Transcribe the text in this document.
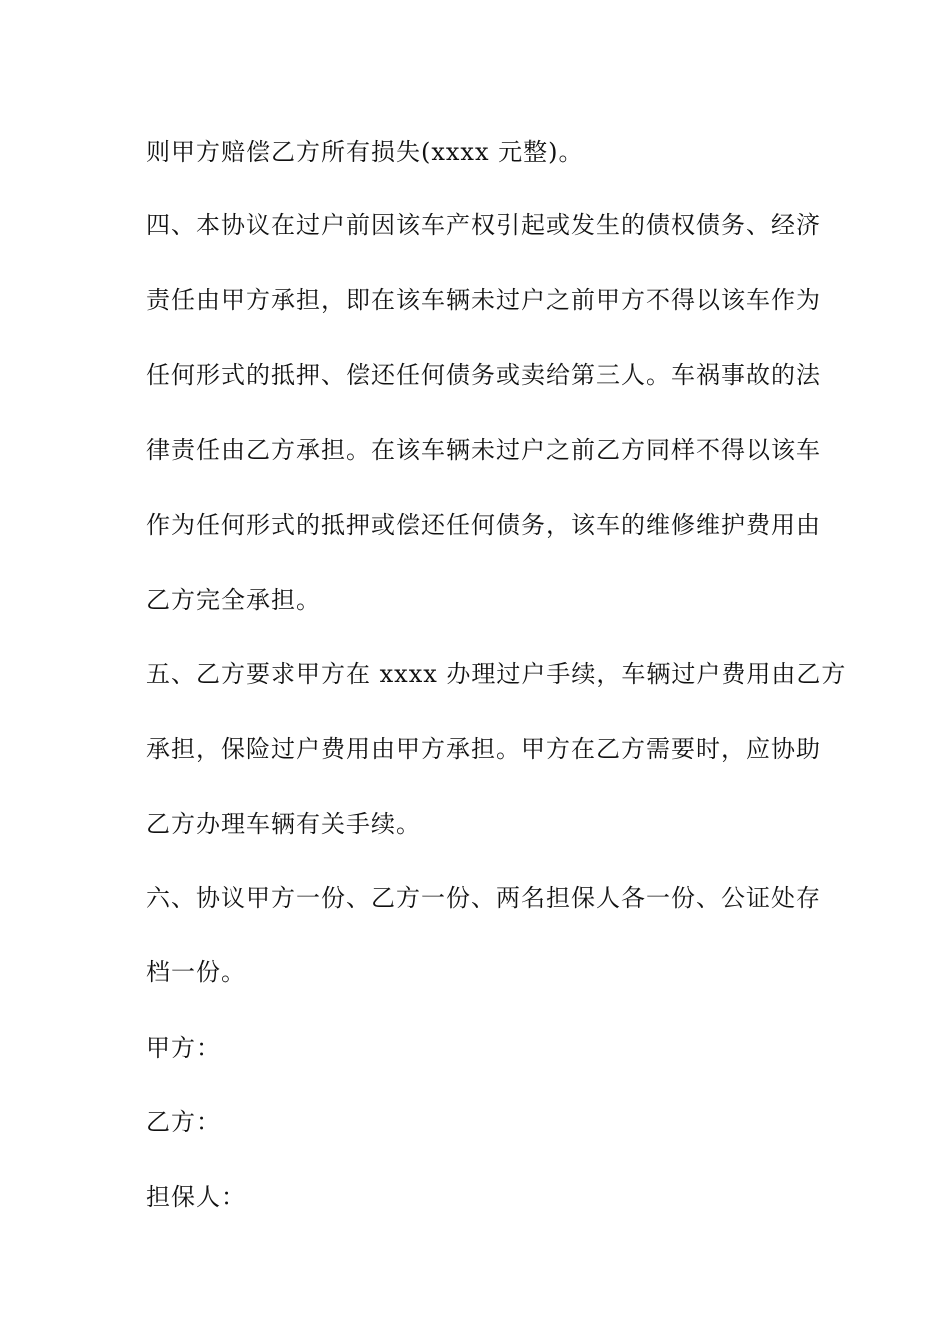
则甲方赔偿乙方所有损失(xxxx 元整)。
四、本协议在过户前因该车产权引起或发生的债权债务、经济
责任由甲方承担，即在该车辆未过户之前甲方不得以该车作为
任何形式的抵押、偿还任何债务或卖给第三人。车祸事故的法
律责任由乙方承担。在该车辆未过户之前乙方同样不得以该车
作为任何形式的抵押或偿还任何债务，该车的维修维护费用由
乙方完全承担。
五、乙方要求甲方在 xxxx 办理过户手续，车辆过户费用由乙方
承担，保险过户费用由甲方承担。甲方在乙方需要时，应协助
乙方办理车辆有关手续。
六、协议甲方一份、乙方一份、两名担保人各一份、公证处存
档一份。
甲方：
乙方：
担保人：
